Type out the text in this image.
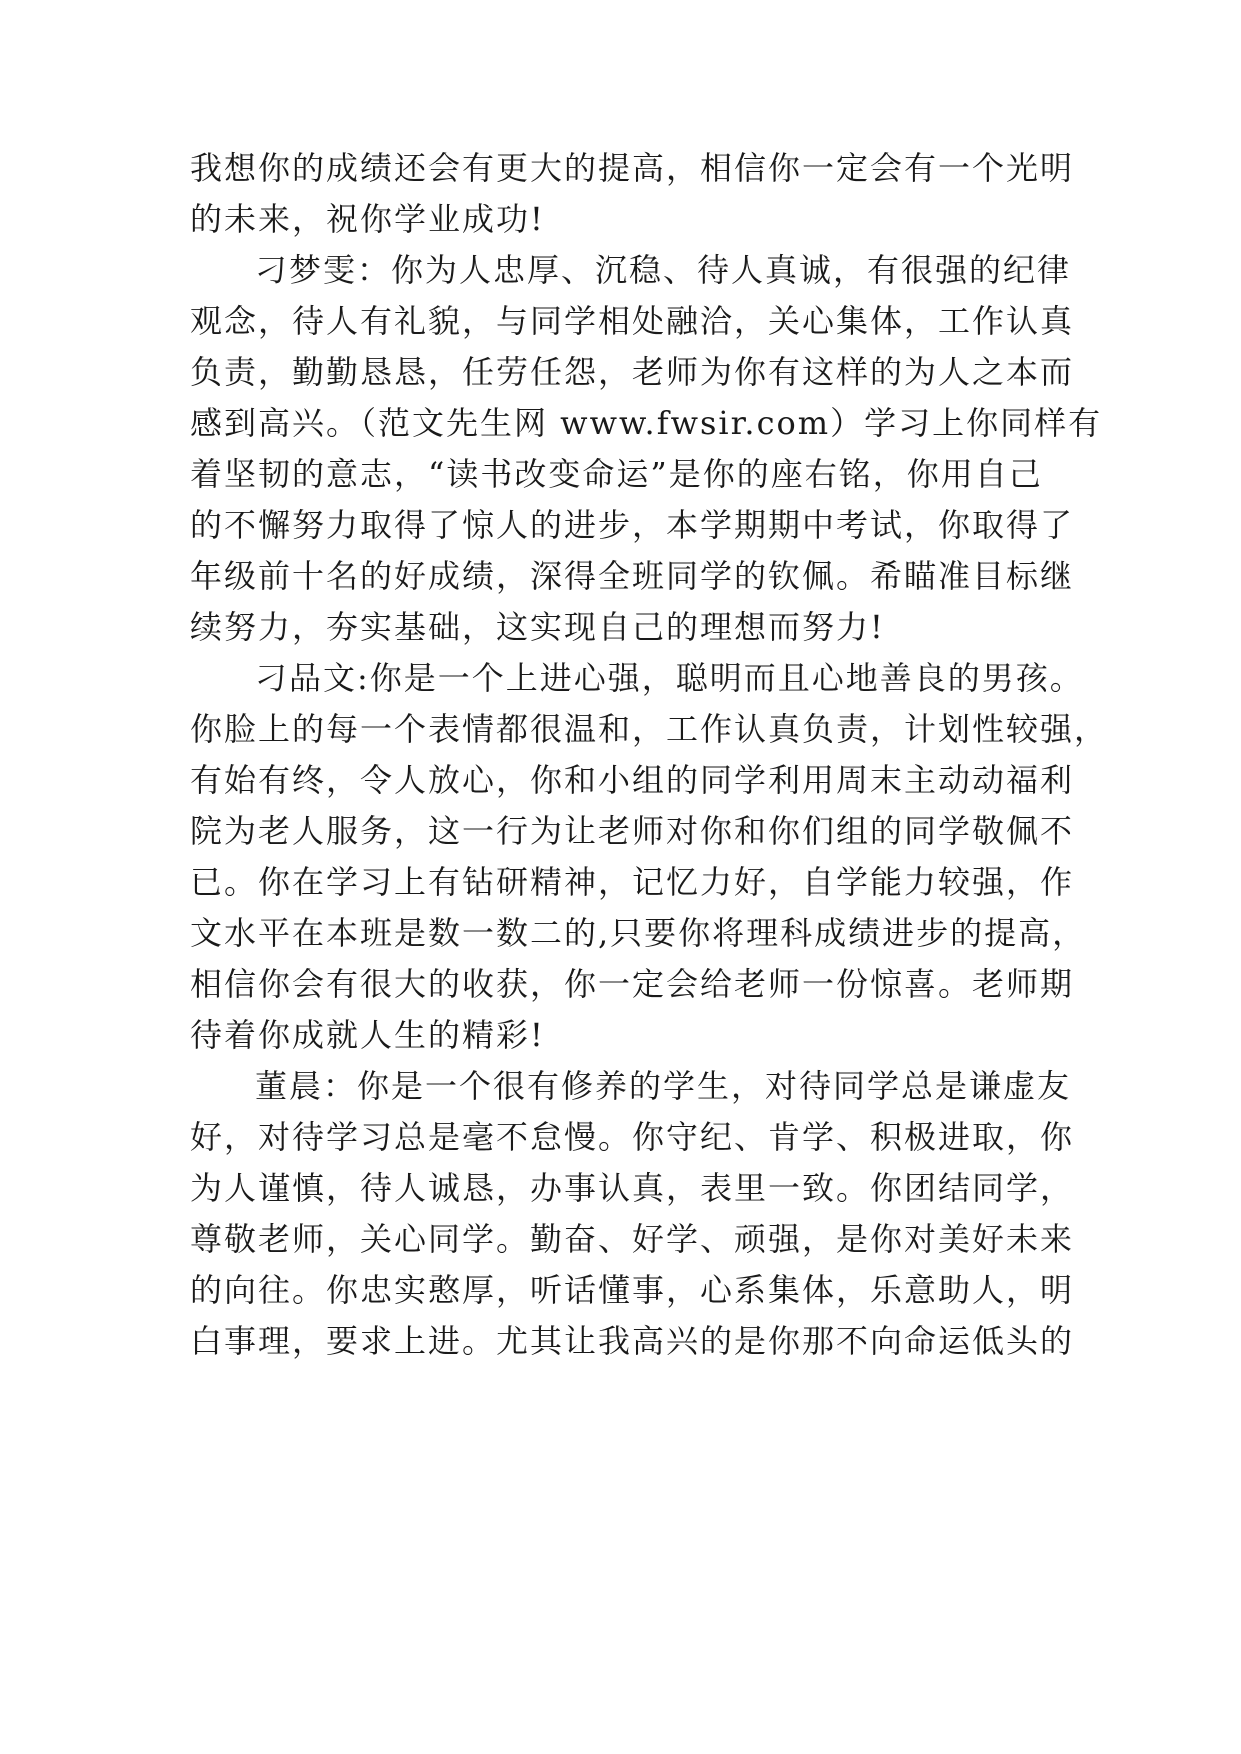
我想你的成绩还会有更大的提高，相信你一定会有一个光明
的未来，祝你学业成功!
刁梦雯：你为人忠厚、沉稳、待人真诚，有很强的纪律
观念，待人有礼貌，与同学相处融洽，关心集体，工作认真
负责，勤勤恳恳，任劳任怨，老师为你有这样的为人之本而
感到高兴。（范文先生网 www.fwsir.com）学习上你同样有
着坚韧的意志，“读书改变命运”是你的座右铭，你用自己
的不懈努力取得了惊人的进步，本学期期中考试，你取得了
年级前十名的好成绩，深得全班同学的钦佩。希瞄准目标继
续努力，夯实基础，这实现自己的理想而努力!
刁品文:你是一个上进心强，聪明而且心地善良的男孩。
你脸上的每一个表情都很温和，工作认真负责，计划性较强，
有始有终，令人放心，你和小组的同学利用周末主动动福利
院为老人服务，这一行为让老师对你和你们组的同学敬佩不
已。你在学习上有钻研精神，记忆力好，自学能力较强，作
文水平在本班是数一数二的,只要你将理科成绩进步的提高，
相信你会有很大的收获，你一定会给老师一份惊喜。老师期
待着你成就人生的精彩!
董晨：你是一个很有修养的学生，对待同学总是谦虚友
好，对待学习总是毫不怠慢。你守纪、肯学、积极进取，你
为人谨慎，待人诚恳，办事认真，表里一致。你团结同学，
尊敬老师，关心同学。勤奋、好学、顽强，是你对美好未来
的向往。你忠实憨厚，听话懂事，心系集体，乐意助人，明
白事理，要求上进。尤其让我高兴的是你那不向命运低头的
